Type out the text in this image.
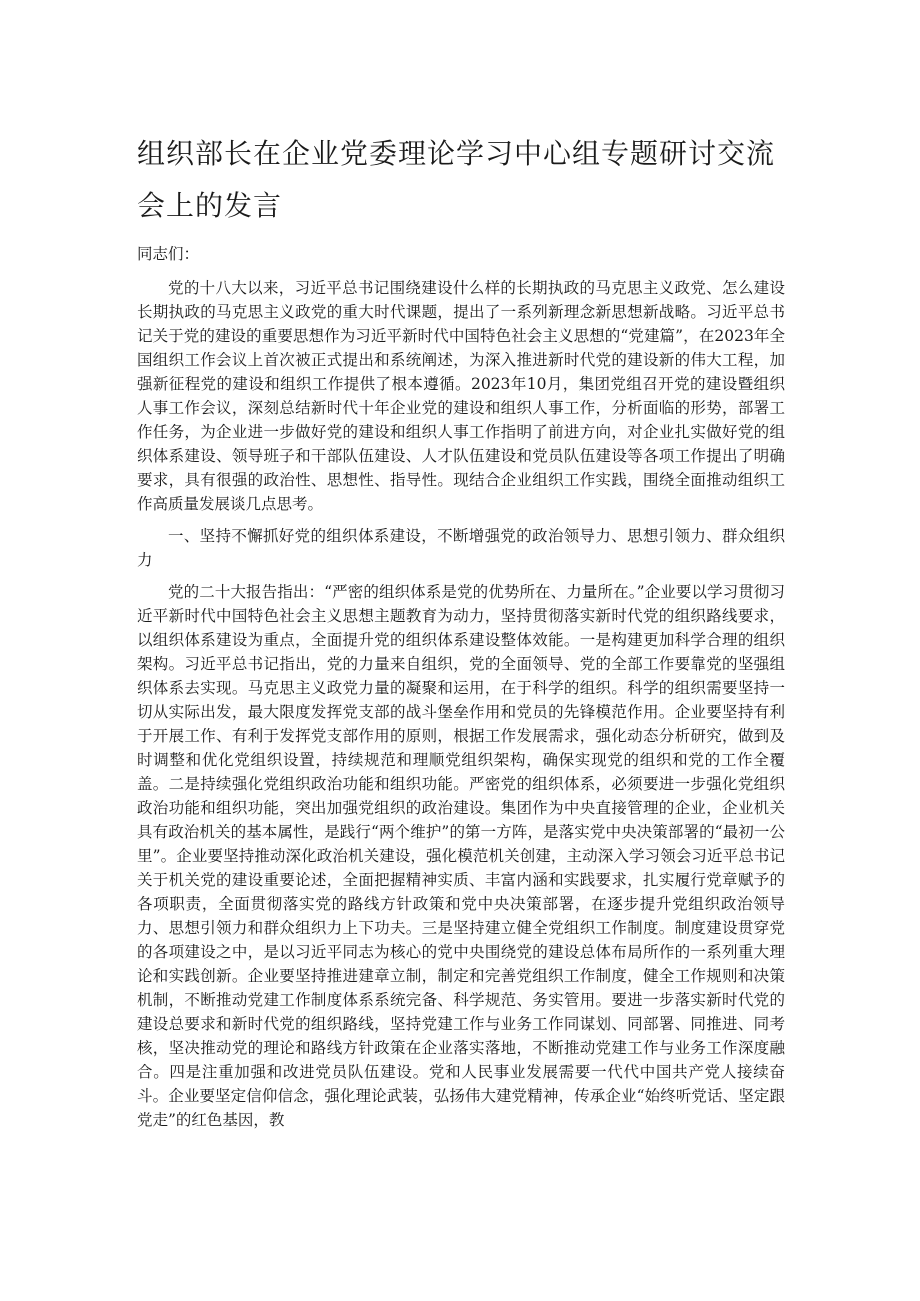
组织部长在企业党委理论学习中心组专题研讨交流会上的发言

同志们：

党的十八大以来，习近平总书记围绕建设什么样的长期执政的马克思主义政党、怎么建设长期执政的马克思主义政党的重大时代课题，提出了一系列新理念新思想新战略。习近平总书记关于党的建设的重要思想作为习近平新时代中国特色社会主义思想的“党建篇”，在2023年全国组织工作会议上首次被正式提出和系统阐述，为深入推进新时代党的建设新的伟大工程，加强新征程党的建设和组织工作提供了根本遵循。2023年10月，集团党组召开党的建设暨组织人事工作会议，深刻总结新时代十年企业党的建设和组织人事工作，分析面临的形势，部署工作任务，为企业进一步做好党的建设和组织人事工作指明了前进方向，对企业扎实做好党的组织体系建设、领导班子和干部队伍建设、人才队伍建设和党员队伍建设等各项工作提出了明确要求，具有很强的政治性、思想性、指导性。现结合企业组织工作实践，围绕全面推动组织工作高质量发展谈几点思考。

一、坚持不懈抓好党的组织体系建设，不断增强党的政治领导力、思想引领力、群众组织力

党的二十大报告指出：“严密的组织体系是党的优势所在、力量所在。”企业要以学习贯彻习近平新时代中国特色社会主义思想主题教育为动力，坚持贯彻落实新时代党的组织路线要求，以组织体系建设为重点，全面提升党的组织体系建设整体效能。一是构建更加科学合理的组织架构。习近平总书记指出，党的力量来自组织，党的全面领导、党的全部工作要靠党的坚强组织体系去实现。马克思主义政党力量的凝聚和运用，在于科学的组织。科学的组织需要坚持一切从实际出发，最大限度发挥党支部的战斗堡垒作用和党员的先锋模范作用。企业要坚持有利于开展工作、有利于发挥党支部作用的原则，根据工作发展需求，强化动态分析研究，做到及时调整和优化党组织设置，持续规范和理顺党组织架构，确保实现党的组织和党的工作全覆盖。二是持续强化党组织政治功能和组织功能。严密党的组织体系，必须要进一步强化党组织政治功能和组织功能，突出加强党组织的政治建设。集团作为中央直接管理的企业，企业机关具有政治机关的基本属性，是践行“两个维护”的第一方阵，是落实党中央决策部署的“最初一公里”。企业要坚持推动深化政治机关建设，强化模范机关创建，主动深入学习领会习近平总书记关于机关党的建设重要论述，全面把握精神实质、丰富内涵和实践要求，扎实履行党章赋予的各项职责，全面贯彻落实党的路线方针政策和党中央决策部署，在逐步提升党组织政治领导力、思想引领力和群众组织力上下功夫。三是坚持建立健全党组织工作制度。制度建设贯穿党的各项建设之中，是以习近平同志为核心的党中央围绕党的建设总体布局所作的一系列重大理论和实践创新。企业要坚持推进建章立制，制定和完善党组织工作制度，健全工作规则和决策机制，不断推动党建工作制度体系系统完备、科学规范、务实管用。要进一步落实新时代党的建设总要求和新时代党的组织路线，坚持党建工作与业务工作同谋划、同部署、同推进、同考核，坚决推动党的理论和路线方针政策在企业落实落地，不断推动党建工作与业务工作深度融合。四是注重加强和改进党员队伍建设。党和人民事业发展需要一代代中国共产党人接续奋斗。企业要坚定信仰信念，强化理论武装，弘扬伟大建党精神，传承企业“始终听党话、坚定跟党走”的红色基因，教
